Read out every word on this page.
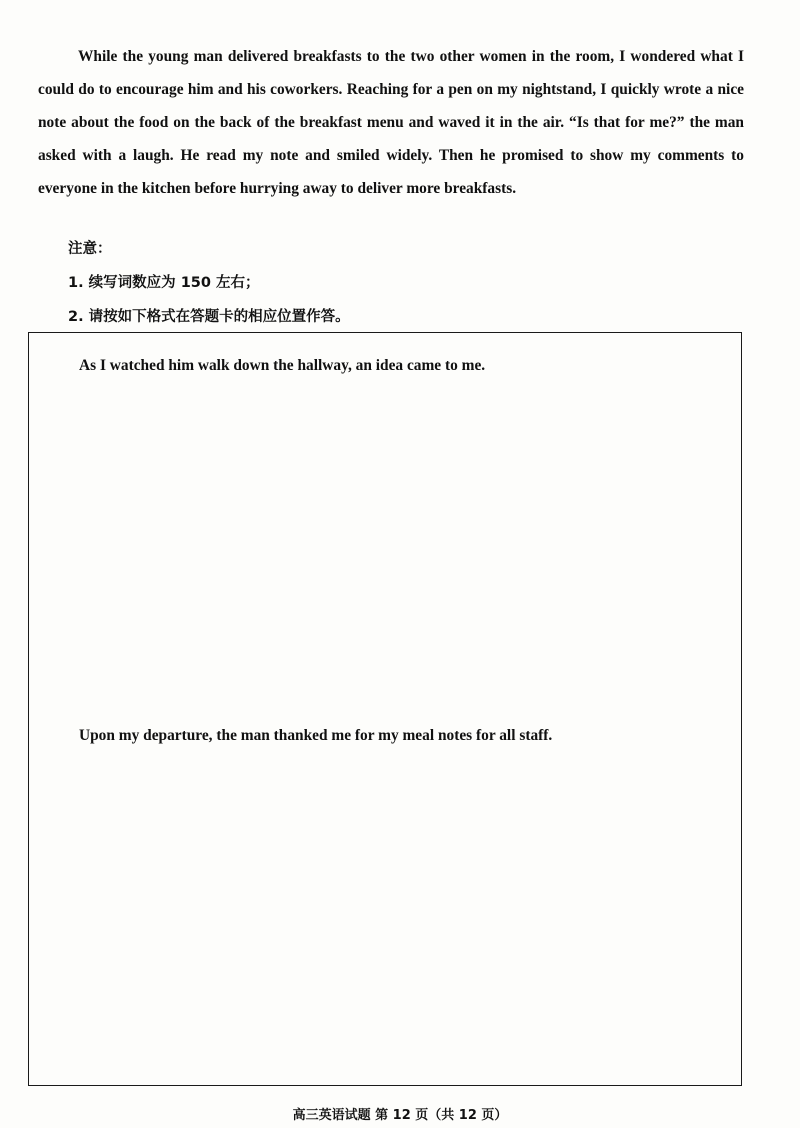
While the young man delivered breakfasts to the two other women in the room, I wondered what I could do to encourage him and his coworkers. Reaching for a pen on my nightstand, I quickly wrote a nice note about the food on the back of the breakfast menu and waved it in the air. “Is that for me?” the man asked with a laugh. He read my note and smiled widely. Then he promised to show my comments to everyone in the kitchen before hurrying away to deliver more breakfasts.

注意：
1. 续写词数应为 150 左右；
2. 请按如下格式在答题卡的相应位置作答。
As I watched him walk down the hallway, an idea came to me.
Upon my departure, the man thanked me for my meal notes for all staff.
高三英语试题 第 12 页（共 12 页）
